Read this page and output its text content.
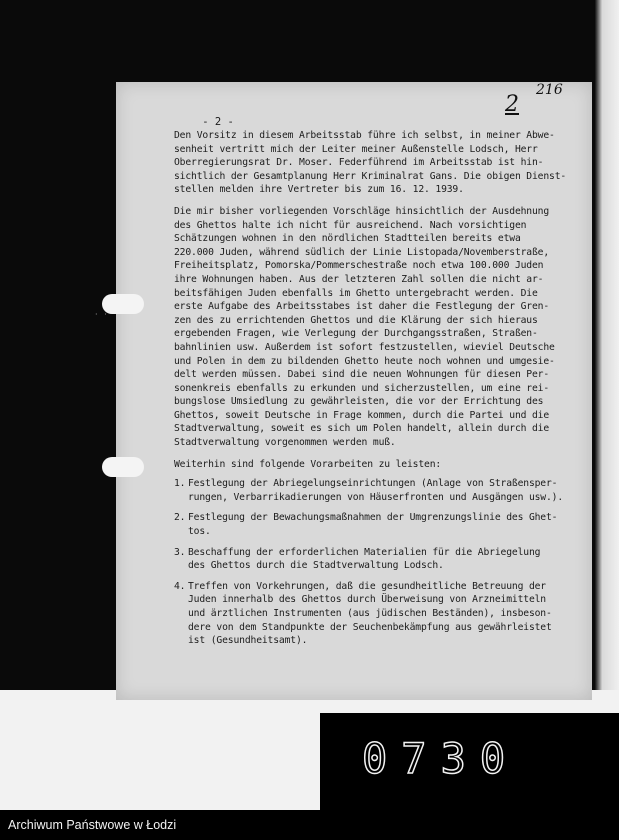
· ·
- 2 -
2
216
Den Vorsitz in diesem Arbeitsstab führe ich selbst, in meiner Abwe-
senheit vertritt mich der Leiter meiner Außenstelle Lodsch, Herr
Oberregierungsrat Dr. Moser. Federführend im Arbeitsstab ist hin-
sichtlich der Gesamtplanung Herr Kriminalrat Gans. Die obigen Dienst-
stellen melden ihre Vertreter bis zum 16. 12. 1939.
Die mir bisher vorliegenden Vorschläge hinsichtlich der Ausdehnung
des Ghettos halte ich nicht für ausreichend. Nach vorsichtigen
Schätzungen wohnen in den nördlichen Stadtteilen bereits etwa
220.000 Juden, während südlich der Linie Listopada/Novemberstraße,
Freiheitsplatz, Pomorska/Pommerschestraße noch etwa 100.000 Juden
ihre Wohnungen haben. Aus der letzteren Zahl sollen die nicht ar-
beitsfähigen Juden ebenfalls im Ghetto untergebracht werden. Die
erste Aufgabe des Arbeitsstabes ist daher die Festlegung der Gren-
zen des zu errichtenden Ghettos und die Klärung der sich hieraus
ergebenden Fragen, wie Verlegung der Durchgangsstraßen, Straßen-
bahnlinien usw. Außerdem ist sofort festzustellen, wieviel Deutsche
und Polen in dem zu bildenden Ghetto heute noch wohnen und umgesie-
delt werden müssen. Dabei sind die neuen Wohnungen für diesen Per-
sonenkreis ebenfalls zu erkunden und sicherzustellen, um eine rei-
bungslose Umsiedlung zu gewährleisten, die vor der Errichtung des
Ghettos, soweit Deutsche in Frage kommen, durch die Partei und die
Stadtverwaltung, soweit es sich um Polen handelt, allein durch die
Stadtverwaltung vorgenommen werden muß.
Weiterhin sind folgende Vorarbeiten zu leisten:
1. Festlegung der Abriegelungseinrichtungen (Anlage von Straßensper-
rungen, Verbarrikadierungen von Häuserfronten und Ausgängen usw.).
2. Festlegung der Bewachungsmaßnahmen der Umgrenzungslinie des Ghet-
tos.
3. Beschaffung der erforderlichen Materialien für die Abriegelung
des Ghettos durch die Stadtverwaltung Lodsch.
4. Treffen von Vorkehrungen, daß die gesundheitliche Betreuung der
Juden innerhalb des Ghettos durch Überweisung von Arzneimitteln
und ärztlichen Instrumenten (aus jüdischen Beständen), insbeson-
dere von dem Standpunkte der Seuchenbekämpfung aus gewährleistet
ist (Gesundheitsamt).
0730
Archiwum Państwowe w Łodzi
